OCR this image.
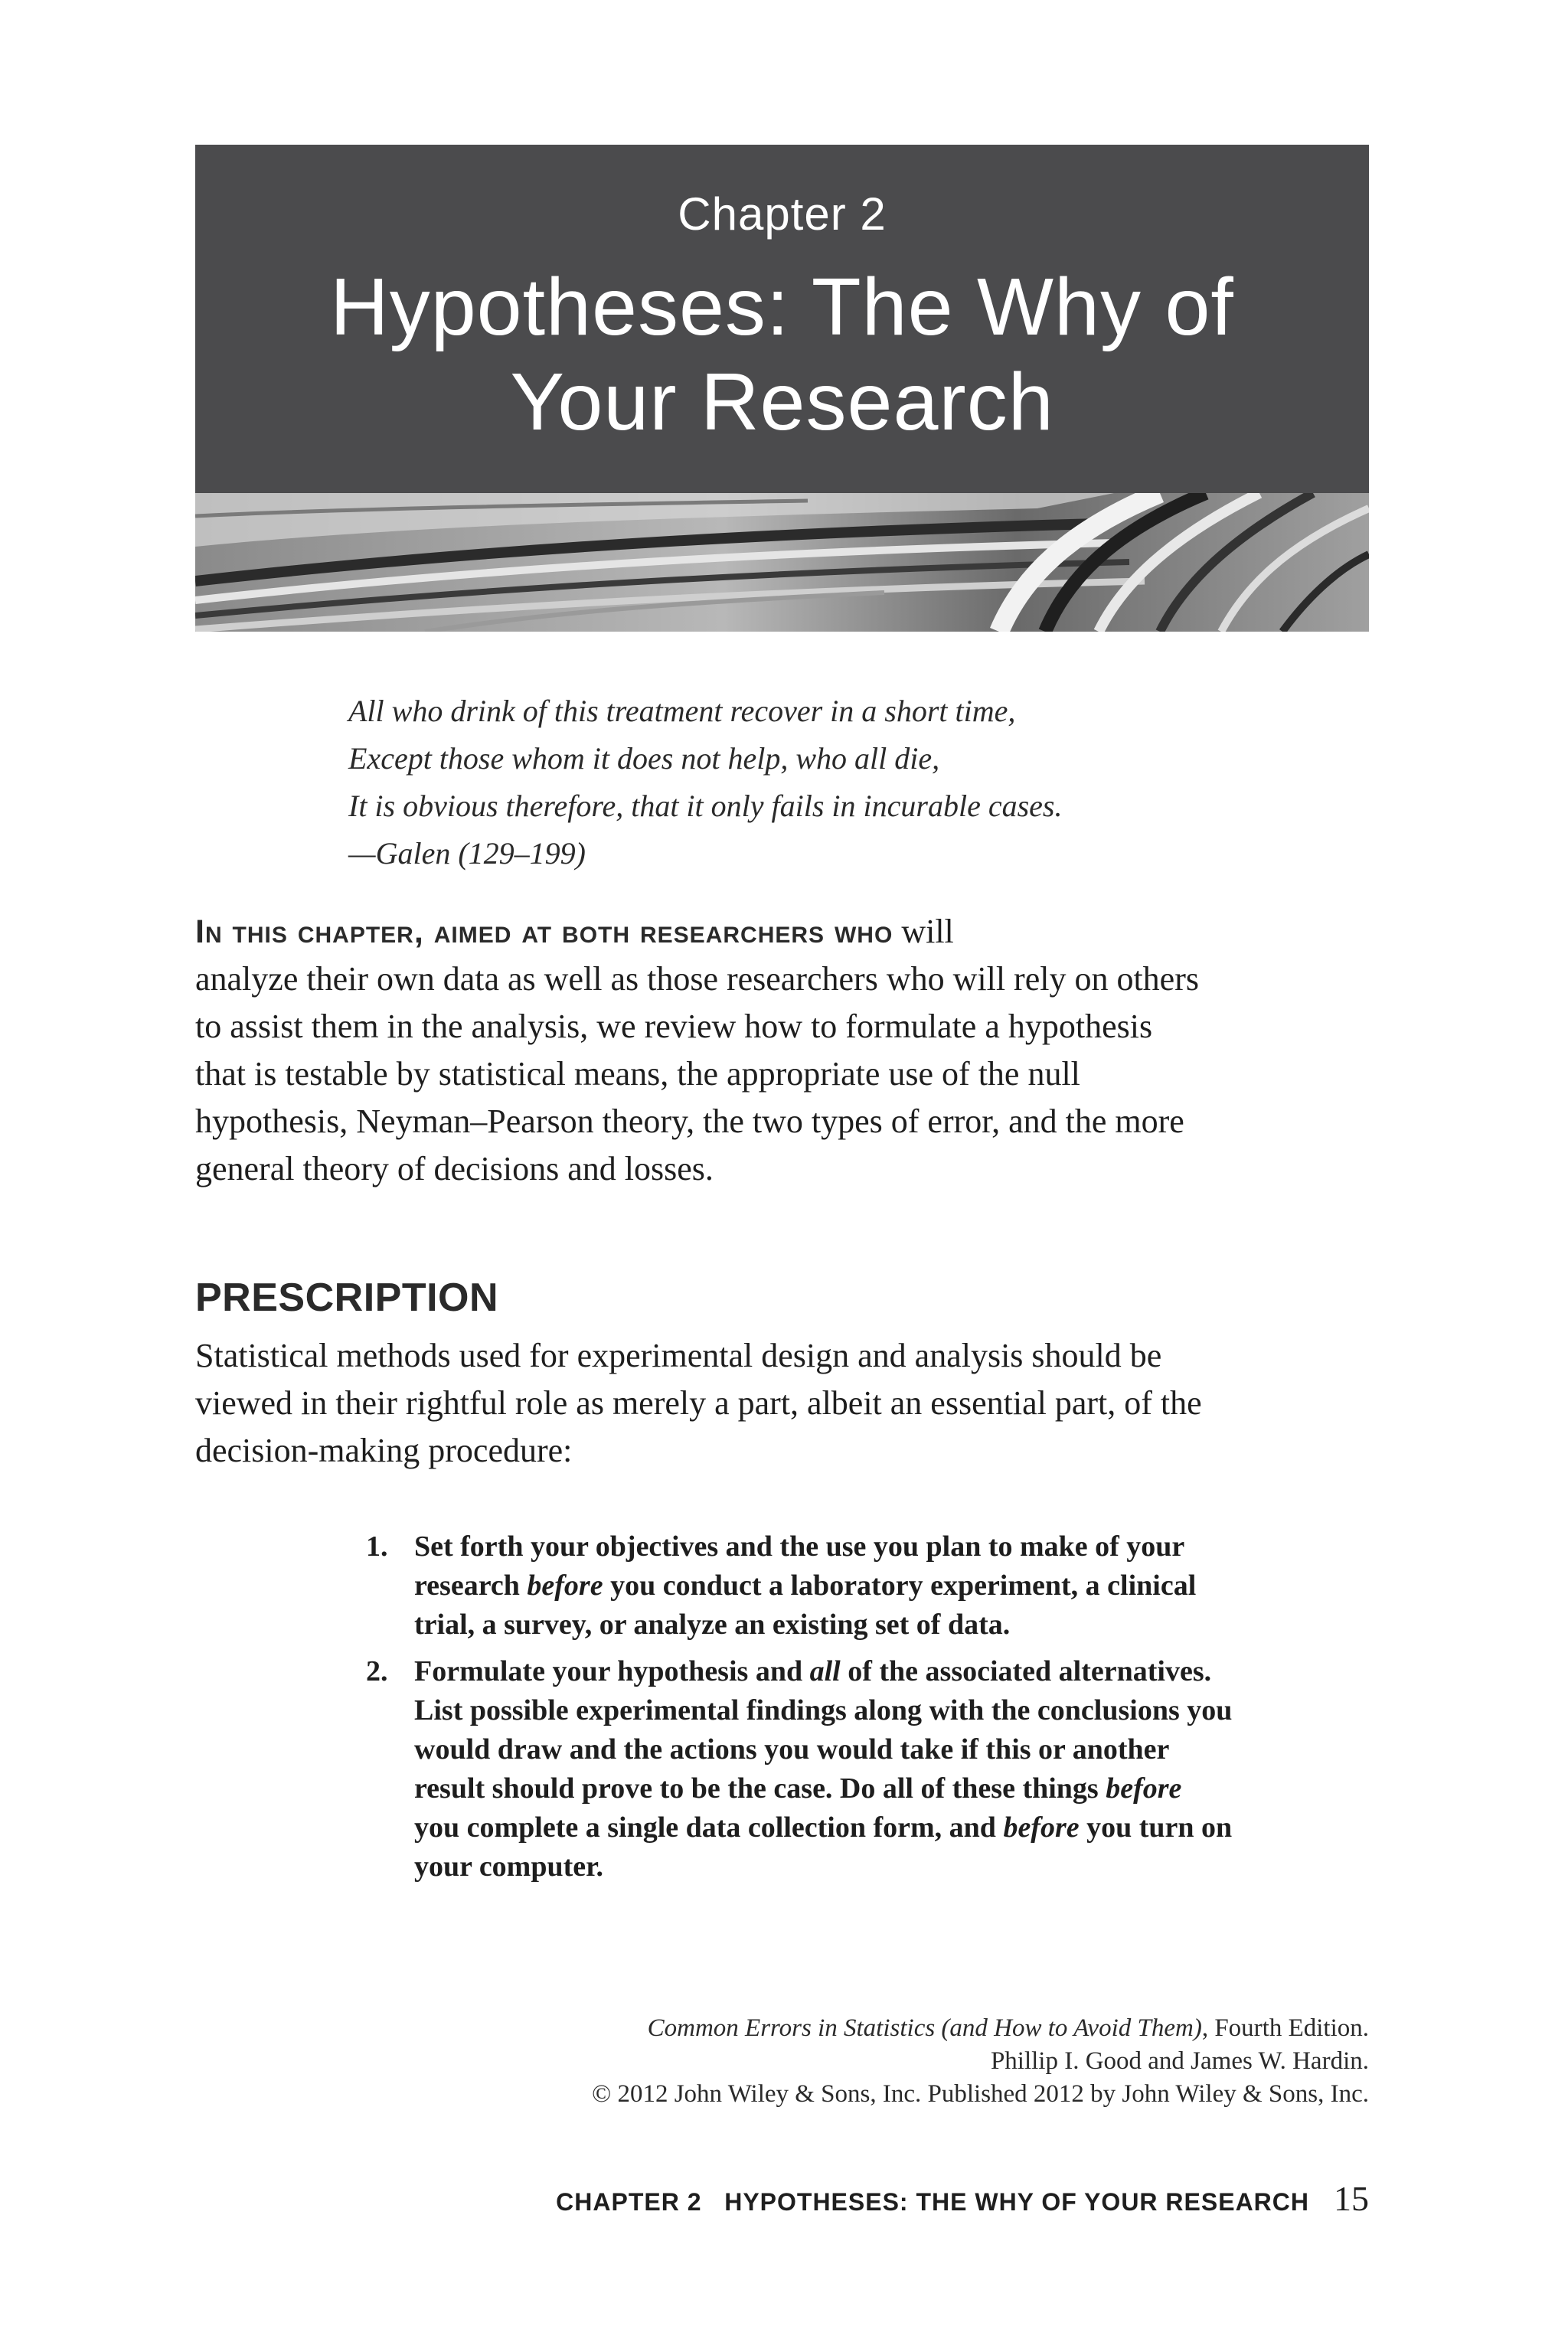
Chapter 2
Hypotheses: The Why of
Your Research
All who drink of this treatment recover in a short time,
Except those whom it does not help, who all die,
It is obvious therefore, that it only fails in incurable cases.
—Galen (129–199)
In this chapter, aimed at both researchers who will
analyze their own data as well as those researchers who will rely on others
to assist them in the analysis, we review how to formulate a hypothesis
that is testable by statistical means, the appropriate use of the null
hypothesis, Neyman–Pearson theory, the two types of error, and the more
general theory of decisions and losses.
PRESCRIPTION
Statistical methods used for experimental design and analysis should be
viewed in their rightful role as merely a part, albeit an essential part, of the
decision-making procedure:
1. Set forth your objectives and the use you plan to make of your
research before you conduct a laboratory experiment, a clinical
trial, a survey, or analyze an existing set of data.
2. Formulate your hypothesis and all of the associated alternatives.
List possible experimental findings along with the conclusions you
would draw and the actions you would take if this or another
result should prove to be the case. Do all of these things before
you complete a single data collection form, and before you turn on
your computer.
Common Errors in Statistics (and How to Avoid Them), Fourth Edition.
Phillip I. Good and James W. Hardin.
© 2012 John Wiley & Sons, Inc. Published 2012 by John Wiley & Sons, Inc.
CHAPTER 2   HYPOTHESES: THE WHY OF YOUR RESEARCH 15
